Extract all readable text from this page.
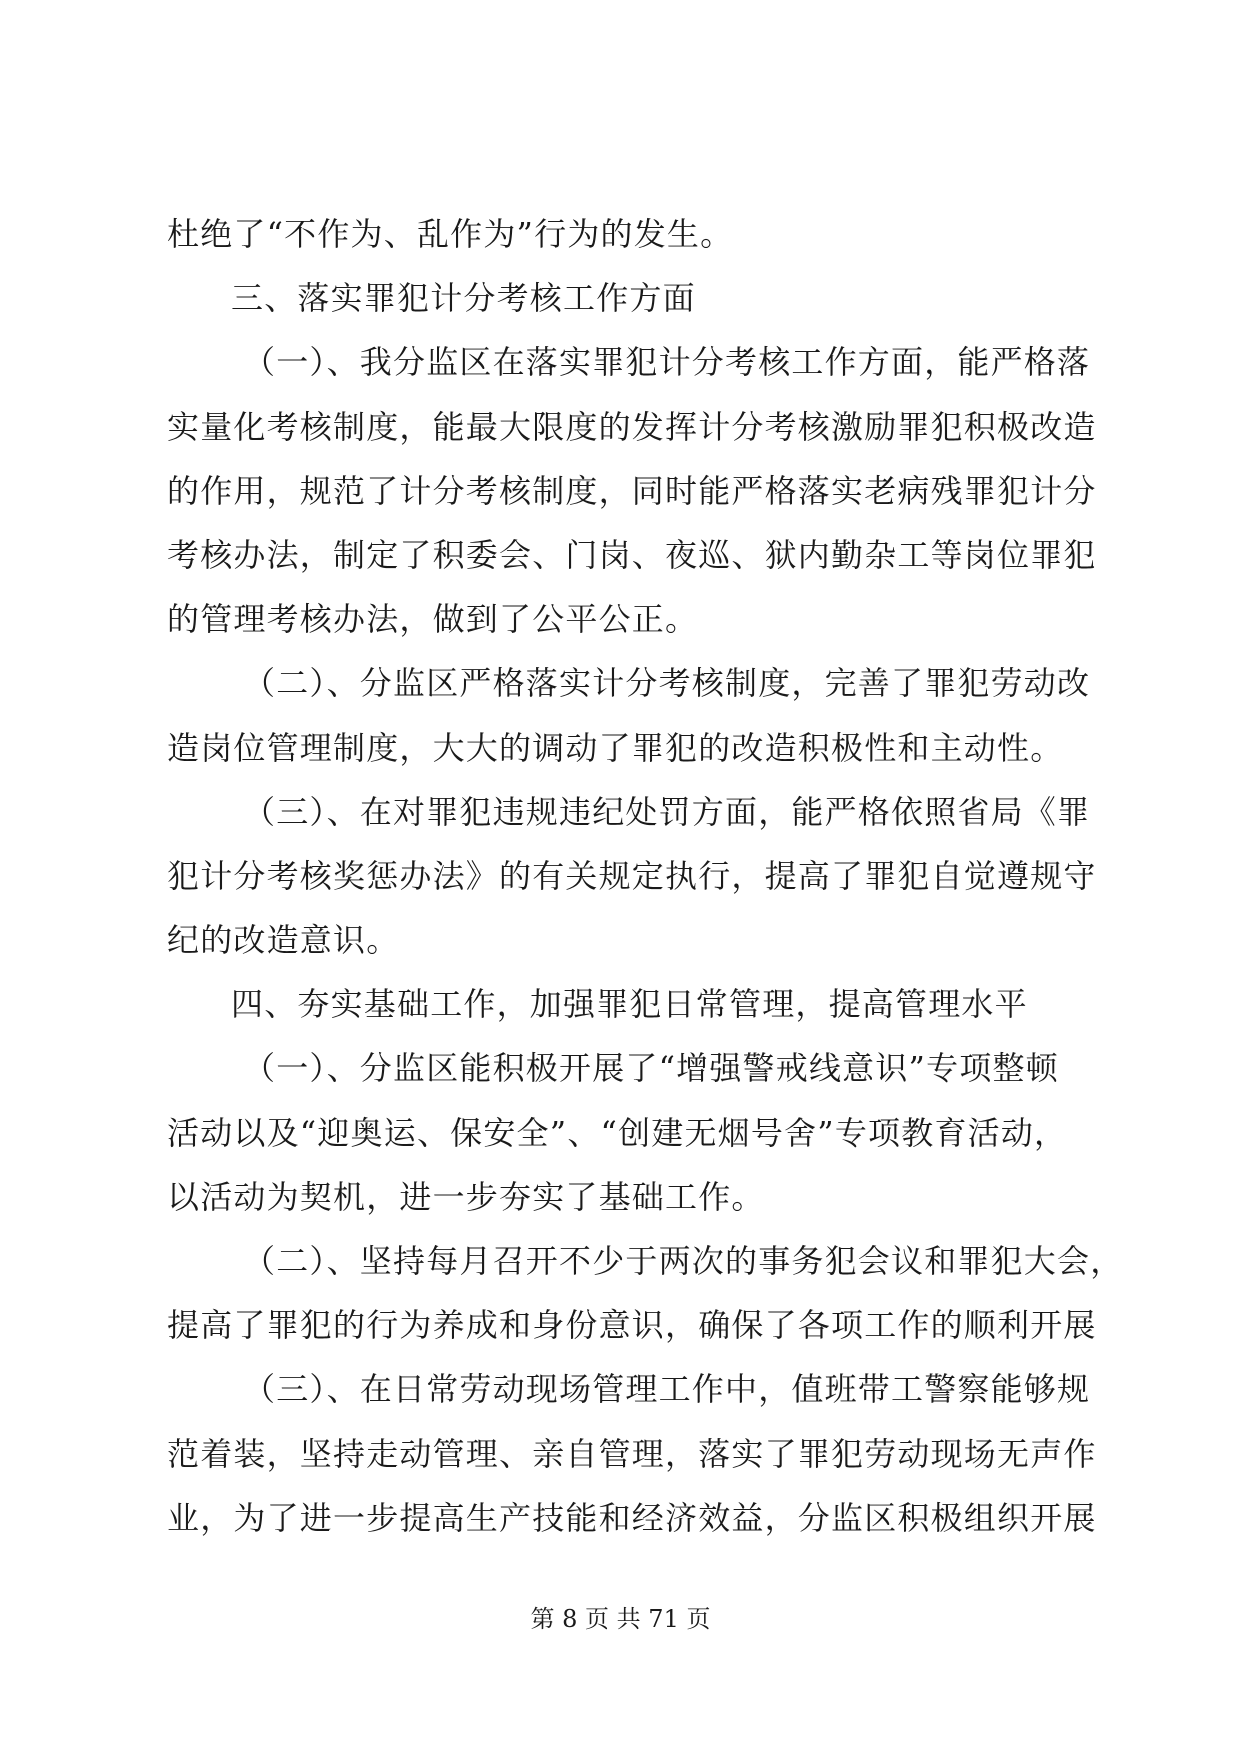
杜绝了“不作为、乱作为”行为的发生。
三、落实罪犯计分考核工作方面
（一）、我分监区在落实罪犯计分考核工作方面，能严格落
实量化考核制度，能最大限度的发挥计分考核激励罪犯积极改造
的作用，规范了计分考核制度，同时能严格落实老病残罪犯计分
考核办法，制定了积委会、门岗、夜巡、狱内勤杂工等岗位罪犯
的管理考核办法，做到了公平公正。
（二）、分监区严格落实计分考核制度，完善了罪犯劳动改
造岗位管理制度，大大的调动了罪犯的改造积极性和主动性。
（三）、在对罪犯违规违纪处罚方面，能严格依照省局《罪
犯计分考核奖惩办法》的有关规定执行，提高了罪犯自觉遵规守
纪的改造意识。
四、夯实基础工作，加强罪犯日常管理，提高管理水平
（一）、分监区能积极开展了“增强警戒线意识”专项整顿
活动以及“迎奥运、保安全”、“创建无烟号舍”专项教育活动，
以活动为契机，进一步夯实了基础工作。
（二）、坚持每月召开不少于两次的事务犯会议和罪犯大会，
提高了罪犯的行为养成和身份意识，确保了各项工作的顺利开展
（三）、在日常劳动现场管理工作中，值班带工警察能够规
范着装，坚持走动管理、亲自管理，落实了罪犯劳动现场无声作
业，为了进一步提高生产技能和经济效益，分监区积极组织开展
第 8 页 共 71 页
